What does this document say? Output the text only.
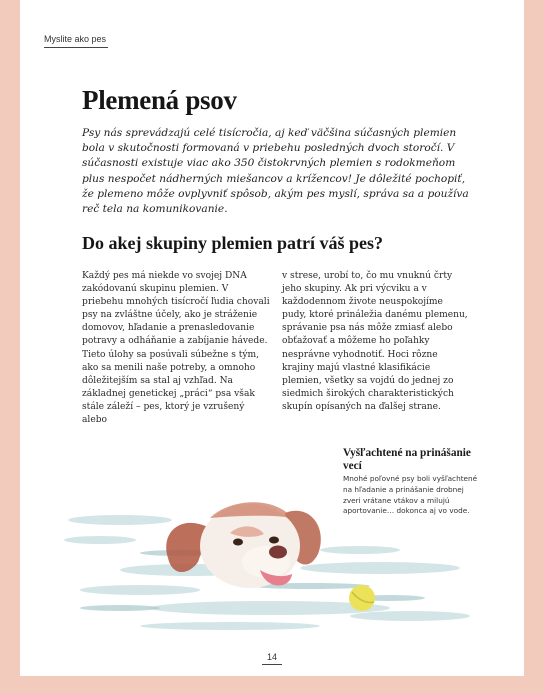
Myslite ako pes
Plemená psov

Psy nás sprevádzajú celé tisícročia, aj keď väčšina súčasných plemien bola v skutočnosti formovaná v priebehu posledných dvoch storočí. V súčasnosti existuje viac ako 350 čistokrvných plemien s rodokmeňom plus nespočet nádherných miešancov a krížencov! Je dôležité pochopiť, že plemeno môže ovplyvniť spôsob, akým pes myslí, správa sa a používa reč tela na komunikovanie.

Do akej skupiny plemien patrí váš pes?

Každý pes má niekde vo svojej DNA zakódovanú skupinu plemien. V priebehu mnohých tisícročí ľudia chovali psy na zvláštne účely, ako je stráženie domovov, hľadanie a prenasledovanie potravy a odháňanie a zabíjanie hávede. Tieto úlohy sa posúvali súbežne s tým, ako sa menili naše potreby, a omnoho dôležitejším sa stal aj vzhľad. Na základnej genetickej „práci“ psa však stále záleží – pes, ktorý je vzrušený alebo

v strese, urobí to, čo mu vnuknú črty jeho skupiny. Ak pri výcviku a v každodennom živote neuspokojíme pudy, ktoré prináležia danému plemenu, správanie psa nás môže zmiasť alebo obťažovať a môžeme ho poľahky nesprávne vyhodnotiť. Hoci rôzne krajiny majú vlastné klasifikácie plemien, všetky sa vojdú do jednej zo siedmich širokých charakteristických skupín opísaných na ďalšej strane.

Vyšľachtené na prinášanie vecí

Mnohé poľovné psy boli vyšľachtené na hľadanie a prinášanie drobnej zveri vrátane vtákov a milujú aportovanie… dokonca aj vo vode.

14
